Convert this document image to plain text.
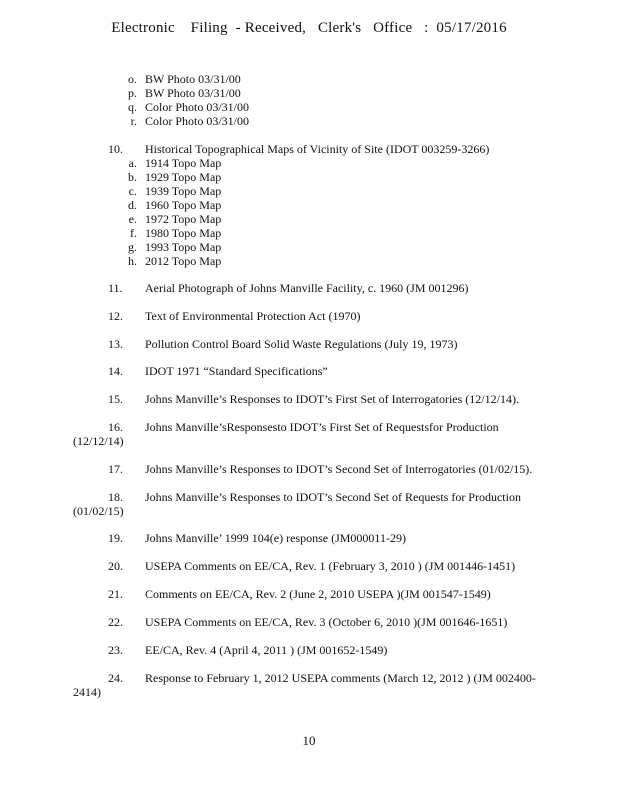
Electronic    Filing  - Received,   Clerk's   Office   :  05/17/2016
o. BW Photo 03/31/00
p. BW Photo 03/31/00
q. Color Photo 03/31/00
r. Color Photo 03/31/00
10. Historical Topographical Maps of Vicinity of Site (IDOT 003259-3266)
a. 1914 Topo Map
b. 1929 Topo Map
c. 1939 Topo Map
d. 1960 Topo Map
e. 1972 Topo Map
f. 1980 Topo Map
g. 1993 Topo Map
h. 2012 Topo Map
11. Aerial Photograph of Johns Manville Facility, c. 1960 (JM 001296)
12. Text of Environmental Protection Act (1970)
13. Pollution Control Board Solid Waste Regulations (July 19, 1973)
14. IDOT 1971 “Standard Specifications”
15. Johns Manville’s Responses to IDOT’s First Set of Interrogatories (12/12/14).
16. Johns Manville’sResponsesto IDOT’s First Set of Requestsfor Production
(12/12/14)
17. Johns Manville’s Responses to IDOT’s Second Set of Interrogatories (01/02/15).
18. Johns Manville’s Responses to IDOT’s Second Set of Requests for Production
(01/02/15)
19. Johns Manville’ 1999 104(e) response (JM000011-29)
20. USEPA Comments on EE/CA, Rev. 1 (February 3, 2010 ) (JM 001446-1451)
21. Comments on EE/CA, Rev. 2 (June 2, 2010 USEPA )(JM 001547-1549)
22. USEPA Comments on EE/CA, Rev. 3 (October 6, 2010 )(JM 001646-1651)
23. EE/CA, Rev. 4 (April 4, 2011 ) (JM 001652-1549)
24. Response to February 1, 2012 USEPA comments (March 12, 2012 ) (JM 002400-
2414)
10
